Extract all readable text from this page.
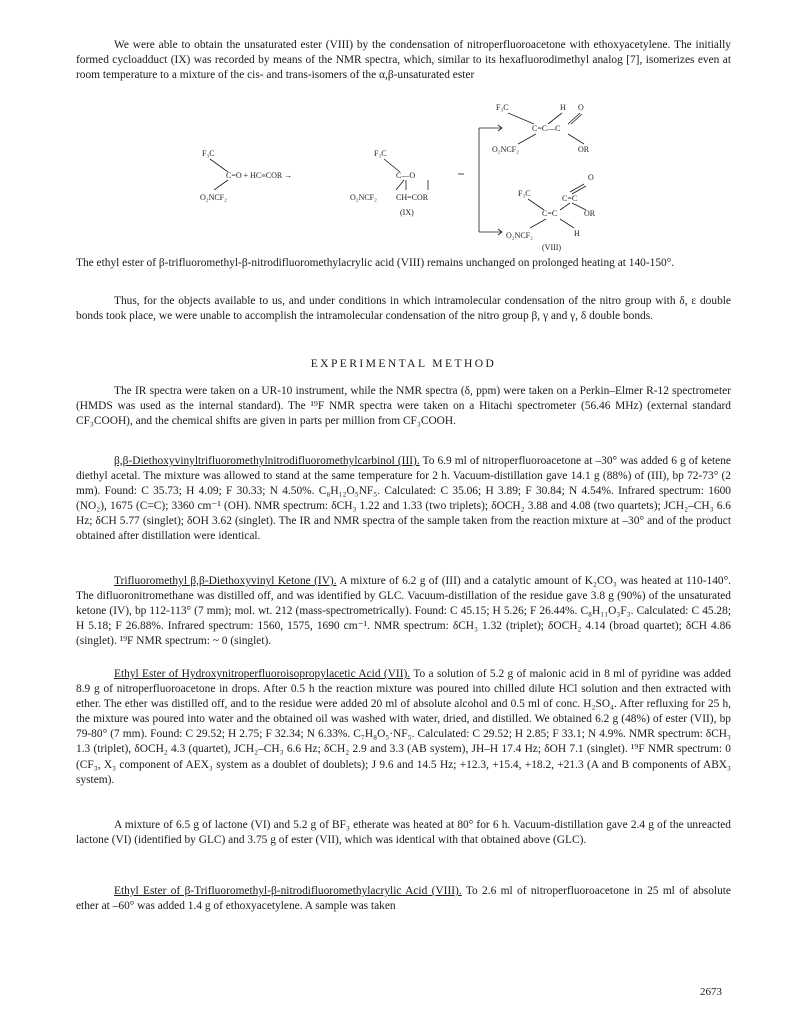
We were able to obtain the unsaturated ester (VIII) by the condensation of nitroperfluoroacetone with ethoxyacetylene. The initially formed cycloadduct (IX) was recorded by means of the NMR spectra, which, similar to its hexafluorodimethyl analog [7], isomerizes even at room temperature to a mixture of the cis- and trans-isomers of the α,β-unsaturated ester

F₃C
C=O + HC≡COR →
O₂NCF₂
F₃C
C—O
O₂NCF₂ CH=COR
(IX)
F₃C	H O
C=C—C
O₂NCF₂	OR
F₃C
O
C=C
C=C	OR
O₂NCF₂	H
(VIII)

The ethyl ester of β-trifluoromethyl-β-nitrodifluoromethylacrylic acid (VIII) remains unchanged on prolonged heating at 140-150°.

Thus, for the objects available to us, and under conditions in which intramolecular condensation of the nitro group with δ, ε double bonds took place, we were unable to accomplish the intramolecular condensation of the nitro group β, γ and γ, δ double bonds.

EXPERIMENTAL METHOD

The IR spectra were taken on a UR-10 instrument, while the NMR spectra (δ, ppm) were taken on a Perkin–Elmer R-12 spectrometer (HMDS was used as the internal standard). The ¹⁹F NMR spectra were taken on a Hitachi spectrometer (56.46 MHz) (external standard CF₃COOH), and the chemical shifts are given in parts per million from CF₃COOH.

β,β-Diethoxyvinyltrifluoromethylnitrodifluoromethylcarbinol (III). To 6.9 ml of nitroperfluoroacetone at –30° was added 6 g of ketene diethyl acetal. The mixture was allowed to stand at the same temperature for 2 h. Vacuum-distillation gave 14.1 g (88%) of (III), bp 72-73° (2 mm). Found: C 35.73; H 4.09; F 30.33; N 4.50%. C₈H₁₂O₅NF₅. Calculated: C 35.06; H 3.89; F 30.84; N 4.54%. Infrared spectrum: 1600 (NO₂), 1675 (C=C); 3360 cm⁻¹ (OH). NMR spectrum: δCH₃ 1.22 and 1.33 (two triplets); δOCH₂ 3.88 and 4.08 (two quartets); JCH₂–CH₃ 6.6 Hz; δCH 5.77 (singlet); δOH 3.62 (singlet). The IR and NMR spectra of the sample taken from the reaction mixture at –30° and of the product obtained after distillation were identical.

Trifluoromethyl β,β-Diethoxyvinyl Ketone (IV). A mixture of 6.2 g of (III) and a catalytic amount of K₂CO₃ was heated at 110-140°. The difluoronitromethane was distilled off, and was identified by GLC. Vacuum-distillation of the residue gave 3.8 g (90%) of the unsaturated ketone (IV), bp 112-113° (7 mm); mol. wt. 212 (mass-spectrometrically). Found: C 45.15; H 5.26; F 26.44%. C₈H₁₁O₃F₃. Calculated: C 45.28; H 5.18; F 26.88%. Infrared spectrum: 1560, 1575, 1690 cm⁻¹. NMR spectrum: δCH₃ 1.32 (triplet); δOCH₂ 4.14 (broad quartet); δCH 4.86 (singlet). ¹⁹F NMR spectrum: ~ 0 (singlet).

Ethyl Ester of Hydroxynitroperfluoroisopropylacetic Acid (VII). To a solution of 5.2 g of malonic acid in 8 ml of pyridine was added 8.9 g of nitroperfluoroacetone in drops. After 0.5 h the reaction mixture was poured into chilled dilute HCl solution and then extracted with ether. The ether was distilled off, and to the residue were added 20 ml of absolute alcohol and 0.5 ml of conc. H₂SO₄. After refluxing for 25 h, the mixture was poured into water and the obtained oil was washed with water, dried, and distilled. We obtained 6.2 g (48%) of ester (VII), bp 79-80° (7 mm). Found: C 29.52; H 2.75; F 32.34; N 6.33%. C₇H₈O₅·NF₅. Calculated: C 29.52; H 2.85; F 33.1; N 4.9%. NMR spectrum: δCH₃ 1.3 (triplet), δOCH₂ 4.3 (quartet), JCH₂–CH₃ 6.6 Hz; δCH₂ 2.9 and 3.3 (AB system), JH–H 17.4 Hz; δOH 7.1 (singlet). ¹⁹F NMR spectrum: 0 (CF₃, X₃ component of AEX₃ system as a doublet of doublets); J 9.6 and 14.5 Hz; +12.3, +15.4, +18.2, +21.3 (A and B components of ABX₃ system).

A mixture of 6.5 g of lactone (VI) and 5.2 g of BF₃ etherate was heated at 80° for 6 h. Vacuum-distillation gave 2.4 g of the unreacted lactone (VI) (identified by GLC) and 3.75 g of ester (VII), which was identical with that obtained above (GLC).

Ethyl Ester of β-Trifluoromethyl-β-nitrodifluoromethylacrylic Acid (VIII). To 2.6 ml of nitroperfluoroacetone in 25 ml of absolute ether at –60° was added 1.4 g of ethoxyacetylene. A sample was taken

2673
